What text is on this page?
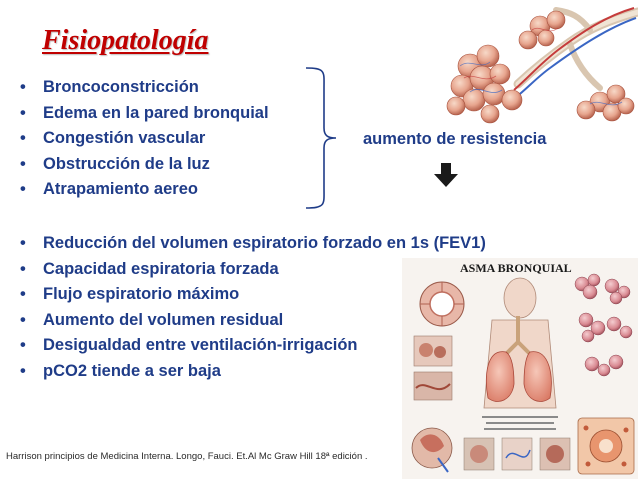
Fisiopatología
• Broncoconstricción
• Edema en la pared bronquial
• Congestión vascular
• Obstrucción de la luz
• Atrapamiento aereo
aumento de resistencia
• Reducción del volumen espiratorio forzado en 1s (FEV1)
• Capacidad espiratoria forzada
• Flujo espiratorio máximo
• Aumento del volumen residual
• Desigualdad entre ventilación-irrigación
• pCO2 tiende a ser baja
ASMA BRONQUIAL

Harrison principios de Medicina Interna. Longo, Fauci. Et.Al Mc Graw Hill 18ª edición .
